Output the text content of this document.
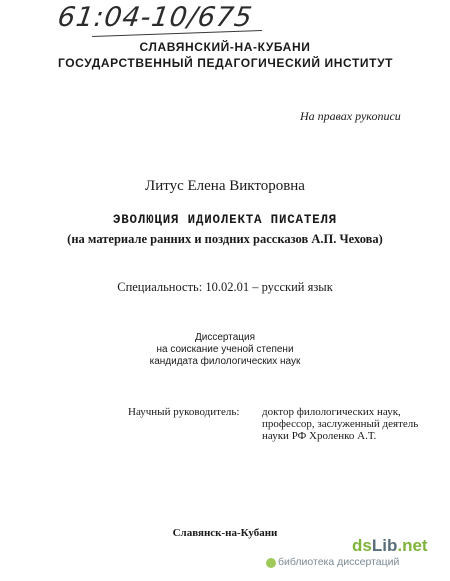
61:04-10/675
СЛАВЯНСКИЙ-НА-КУБАНИ
ГОСУДАРСТВЕННЫЙ ПЕДАГОГИЧЕСКИЙ ИНСТИТУТ
На правах рукописи
Литус Елена Викторовна
ЭВОЛЮЦИЯ ИДИОЛЕКТА ПИСАТЕЛЯ
(на материале ранних и поздних рассказов А.П. Чехова)
Специальность: 10.02.01 – русский язык
Диссертация
на соискание ученой степени
кандидата филологических наук
Научный руководитель: доктор филологических наук,
профессор, заслуженный деятель
науки РФ Хроленко А.Т.
Славянск-на-Кубани
dsLib.net
библиотека диссертаций
